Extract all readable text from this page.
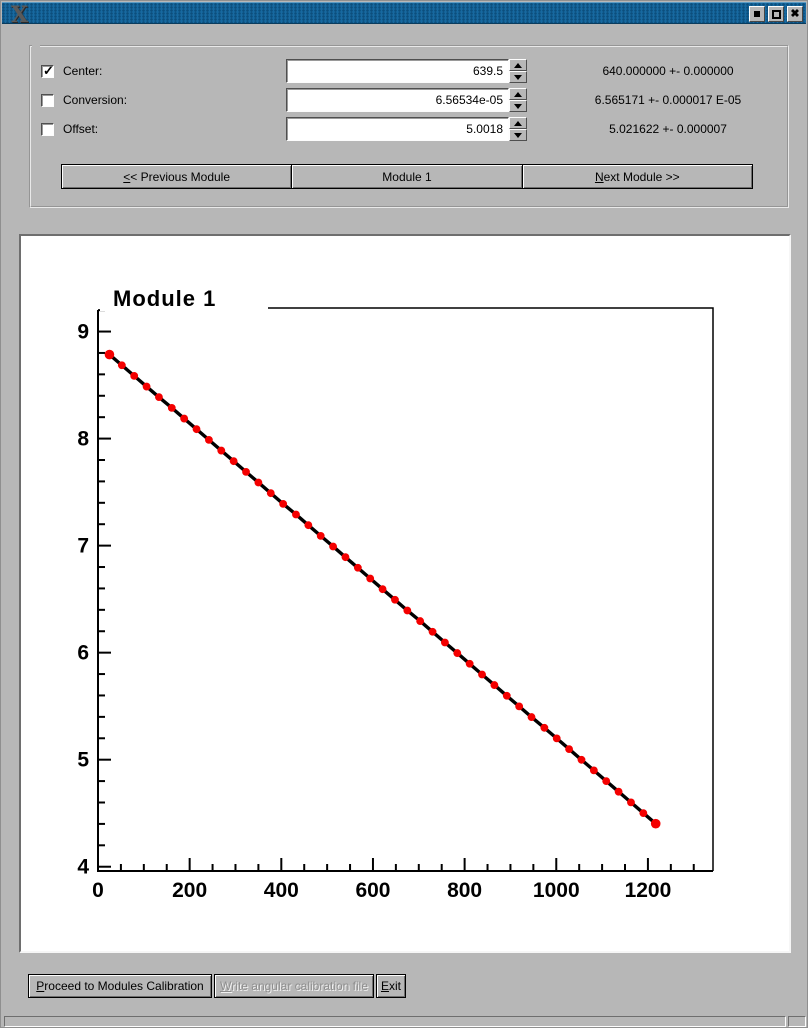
X	✖
✓ Center:
639.5	640.000000 +- 0.000000
Conversion:
6.56534e-05	6.565171 +- 0.000017 E-05
Offset:
5.0018	5.021622 +- 0.000007
< < Previous Module	Module 1	N ext Module >>
0	200	400	600	800 1000 1200
4
5
6
7
8
9
Module 1
P roceed to Modules Calibration	W rite angular calibration file	E xit
